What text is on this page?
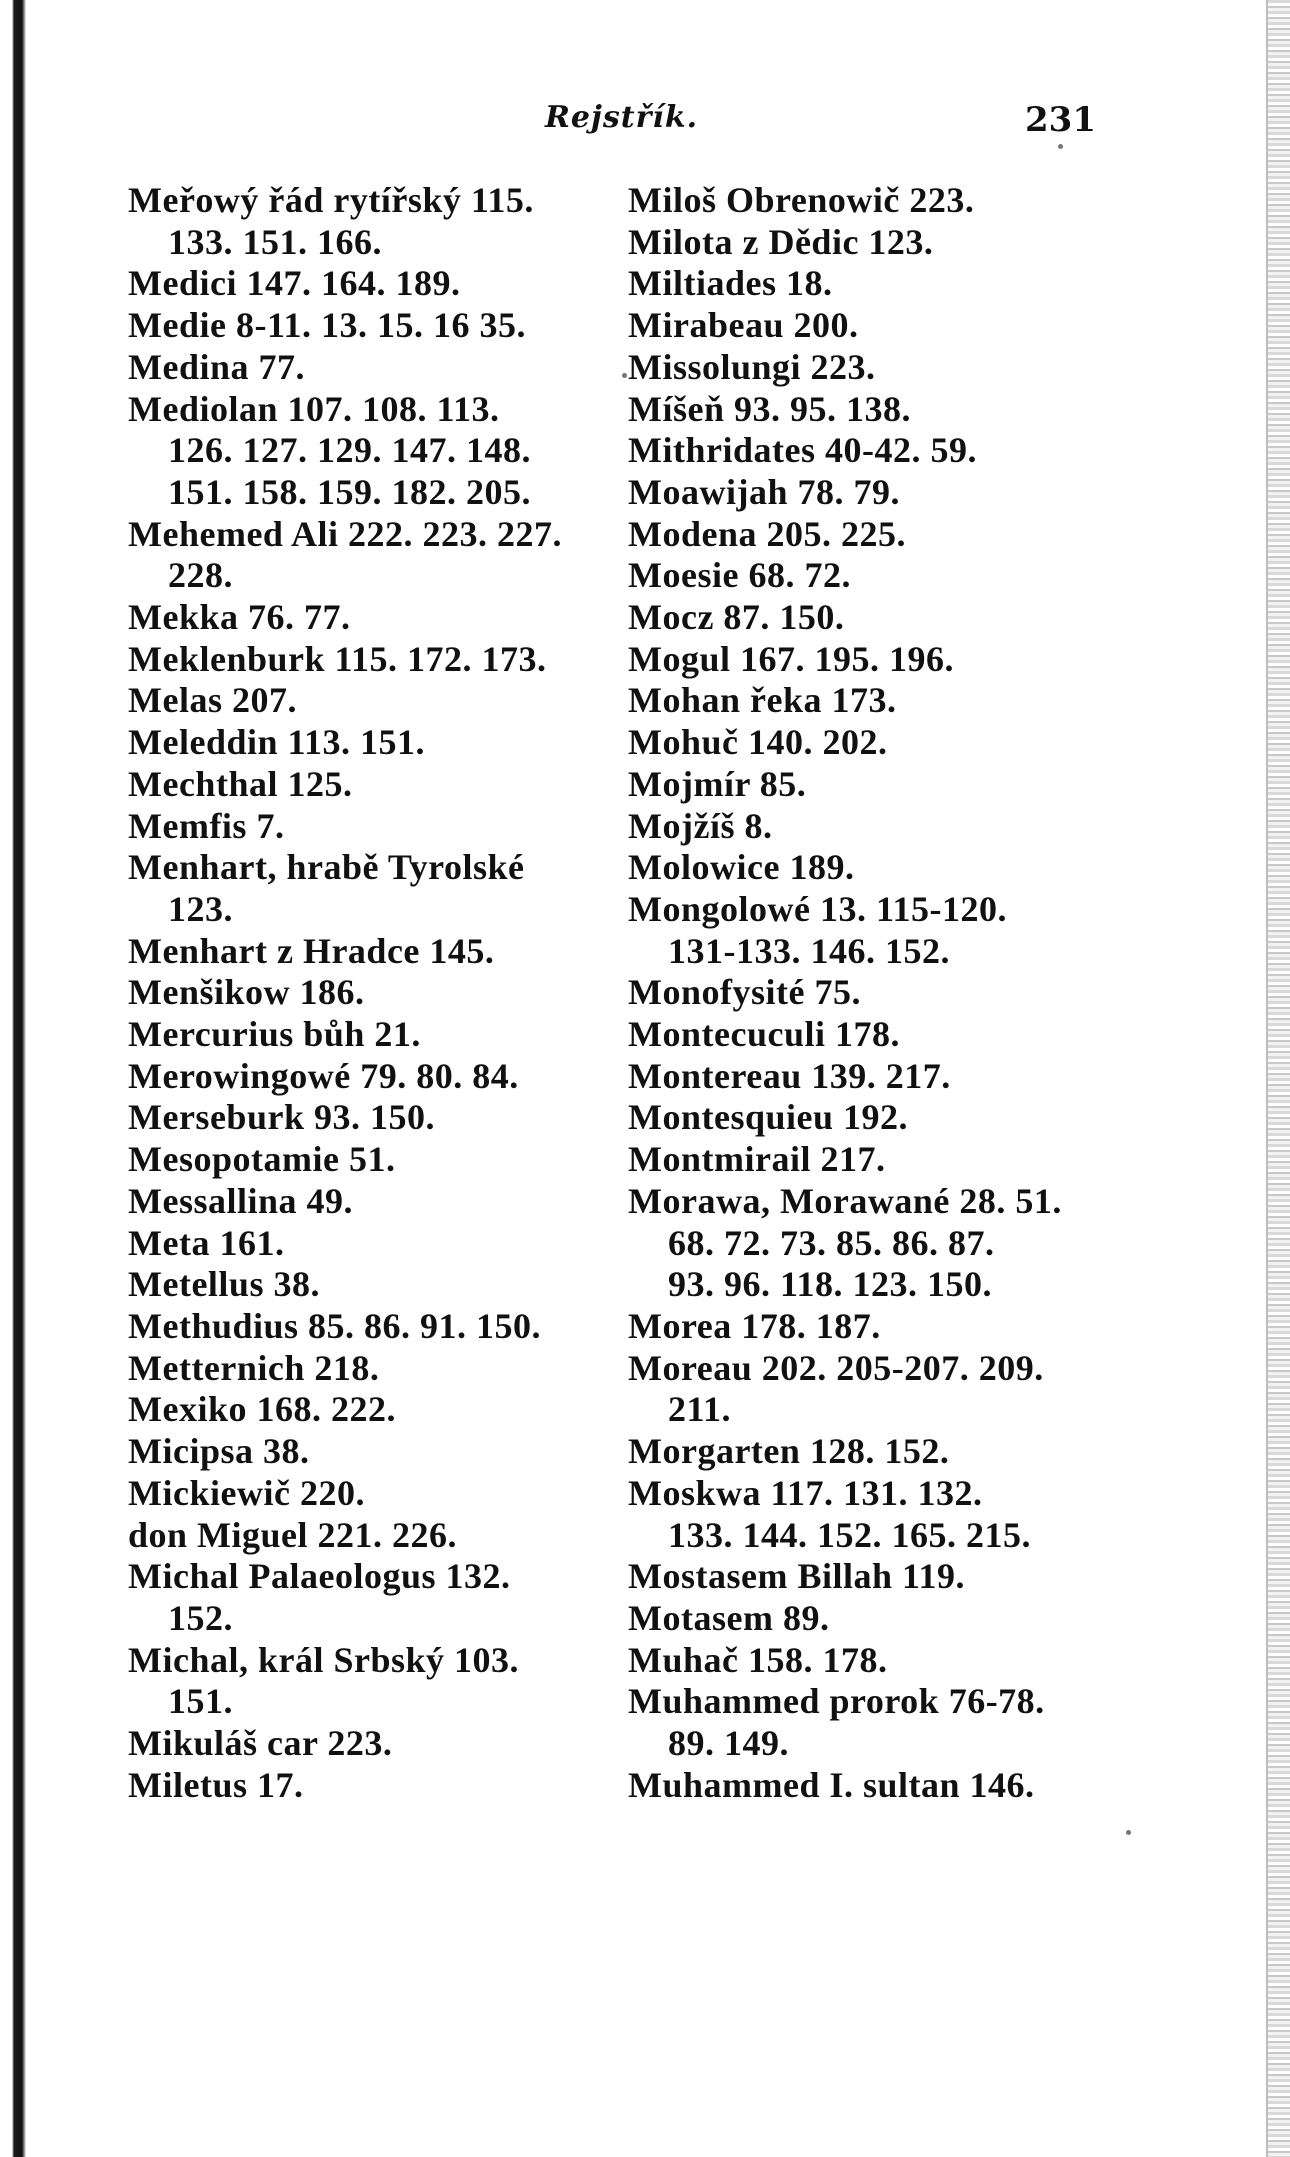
Rejstřík.	231

Meřowý řád rytířský 115.

133. 151. 166.

Medici 147. 164. 189.

Medie 8-11. 13. 15. 16 35.

Medina 77.

Mediolan 107. 108. 113.

126. 127. 129. 147. 148.

151. 158. 159. 182. 205.

Mehemed Ali 222. 223. 227.

228.

Mekka 76. 77.

Meklenburk 115. 172. 173.

Melas 207.

Meleddin 113. 151.

Mechthal 125.

Memfis 7.

Menhart, hrabě Tyrolské

123.

Menhart z Hradce 145.

Menšikow 186.

Mercurius bůh 21.

Merowingowé 79. 80. 84.

Merseburk 93. 150.

Mesopotamie 51.

Messallina 49.

Meta 161.

Metellus 38.

Methudius 85. 86. 91. 150.

Metternich 218.

Mexiko 168. 222.

Micipsa 38.

Mickiewič 220.

don Miguel 221. 226.

Michal Palaeologus 132.

152.

Michal, král Srbský 103.

151.

Mikuláš car 223.

Miletus 17.

Miloš Obrenowič 223.

Milota z Dědic 123.

Miltiades 18.

Mirabeau 200.

Missolungi 223.

Míšeň 93. 95. 138.

Mithridates 40-42. 59.

Moawijah 78. 79.

Modena 205. 225.

Moesie 68. 72.

Mocz 87. 150.

Mogul 167. 195. 196.

Mohan řeka 173.

Mohuč 140. 202.

Mojmír 85.

Mojžíš 8.

Molowice 189.

Mongolowé 13. 115-120.

131-133. 146. 152.

Monofysité 75.

Montecuculi 178.

Montereau 139. 217.

Montesquieu 192.

Montmirail 217.

Morawa, Morawané 28. 51.

68. 72. 73. 85. 86. 87.

93. 96. 118. 123. 150.

Morea 178. 187.

Moreau 202. 205-207. 209.

211.

Morgarten 128. 152.

Moskwa 117. 131. 132.

133. 144. 152. 165. 215.

Mostasem Billah 119.

Motasem 89.

Muhač 158. 178.

Muhammed prorok 76-78.

89. 149.

Muhammed I. sultan 146.
